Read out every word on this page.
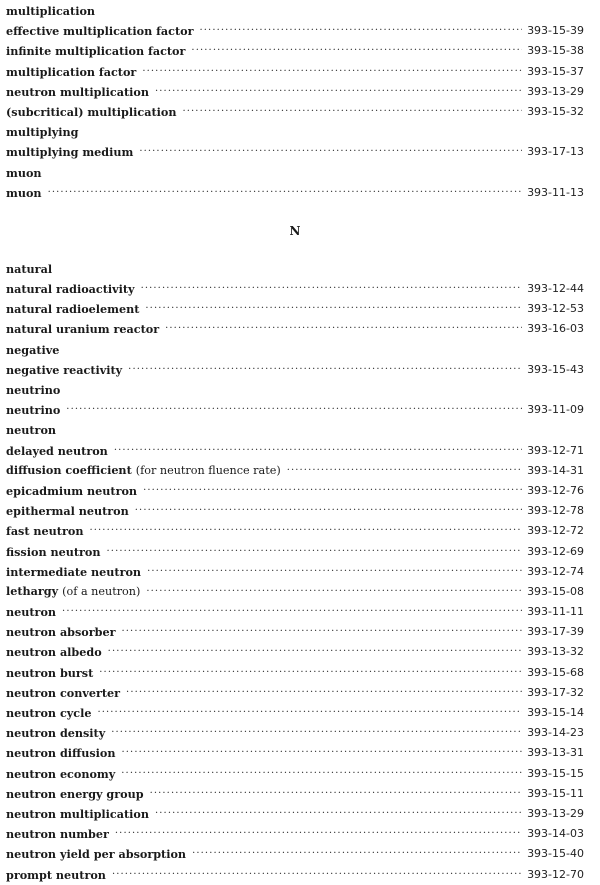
multiplication
effective multiplication factor ·····	393-15-39
infinite multiplication factor ·····	393-15-38
multiplication factor ·····	393-15-37
neutron multiplication ·····	393-13-29
(subcritical) multiplication ·····	393-15-32
multiplying
multiplying medium ·····	393-17-13
muon
muon ·····	393-11-13
N
natural
natural radioactivity ·····	393-12-44
natural radioelement ·····	393-12-53
natural uranium reactor ·····	393-16-03
negative
negative reactivity ·····	393-15-43
neutrino
neutrino ·····	393-11-09
neutron
delayed neutron ·····	393-12-71
diffusion coefficient (for neutron fluence rate) ·····	393-14-31
epicadmium neutron ·····	393-12-76
epithermal neutron ·····	393-12-78
fast neutron ·····	393-12-72
fission neutron ·····	393-12-69
intermediate neutron ·····	393-12-74
lethargy (of a neutron) ·····	393-15-08
neutron ·····	393-11-11
neutron absorber ·····	393-17-39
neutron albedo ·····	393-13-32
neutron burst ·····	393-15-68
neutron converter ·····	393-17-32
neutron cycle ·····	393-15-14
neutron density ·····	393-14-23
neutron diffusion ·····	393-13-31
neutron economy ·····	393-15-15
neutron energy group ·····	393-15-11
neutron multiplication ·····	393-13-29
neutron number ·····	393-14-03
neutron yield per absorption ·····	393-15-40
prompt neutron ·····	393-12-70
